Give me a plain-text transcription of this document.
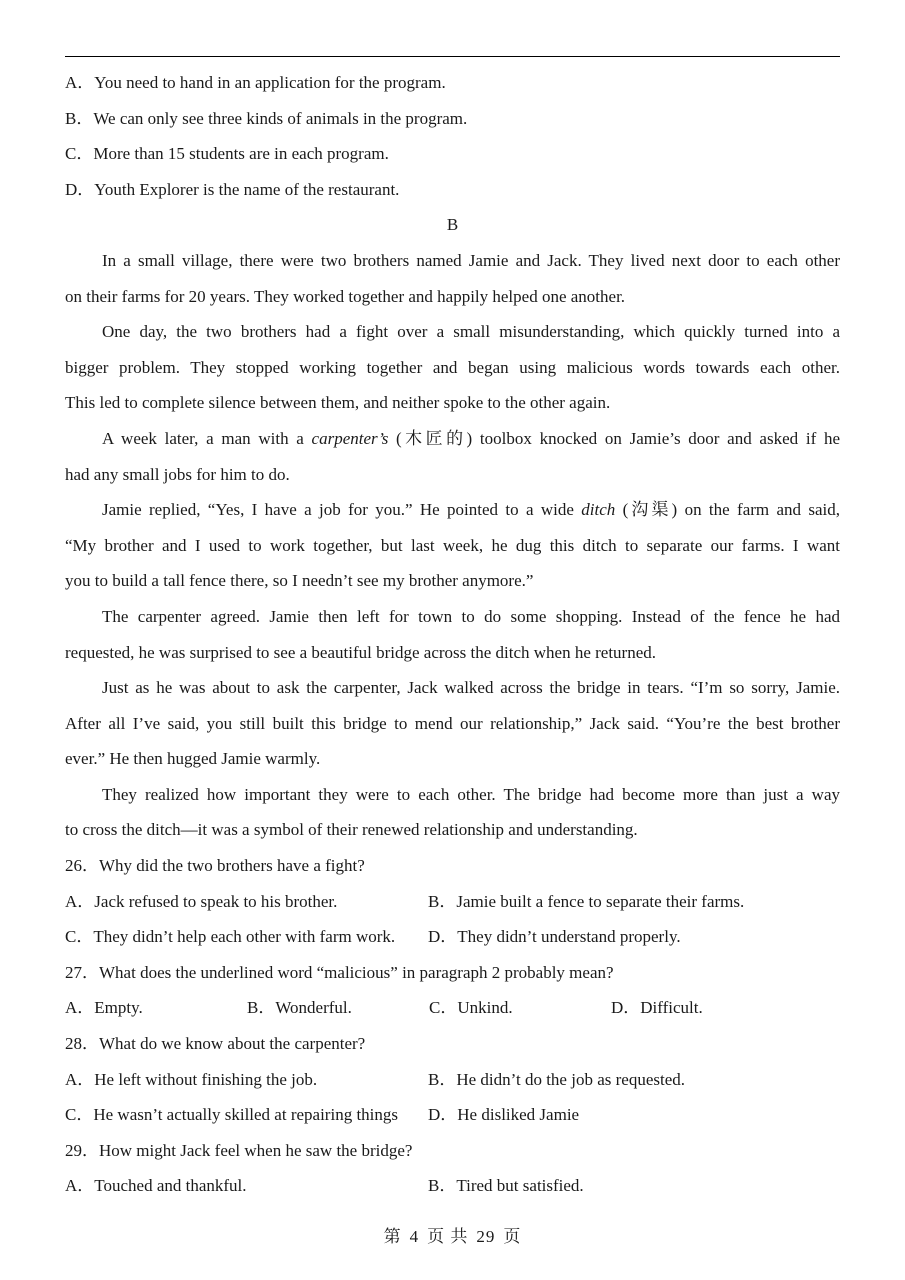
A．You need to hand in an application for the program.
B．We can only see three kinds of animals in the program.
C．More than 15 students are in each program.
D．Youth Explorer is the name of the restaurant.
B
In a small village, there were two brothers named Jamie and Jack. They lived next door to each other
on their farms for 20 years. They worked together and happily helped one another.
One day, the two brothers had a fight over a small misunderstanding, which quickly turned into a
bigger problem. They stopped working together and began using malicious words towards each other.
This led to complete silence between them, and neither spoke to the other again.
A week later, a man with a carpenter’s (木匠的) toolbox knocked on Jamie’s door and asked if he
had any small jobs for him to do.
Jamie replied, “Yes, I have a job for you.” He pointed to a wide ditch (沟渠) on the farm and said,
“My brother and I used to work together, but last week, he dug this ditch to separate our farms. I want
you to build a tall fence there, so I needn’t see my brother anymore.”
The carpenter agreed. Jamie then left for town to do some shopping. Instead of the fence he had
requested, he was surprised to see a beautiful bridge across the ditch when he returned.
Just as he was about to ask the carpenter, Jack walked across the bridge in tears. “I’m so sorry, Jamie.
After all I’ve said, you still built this bridge to mend our relationship,” Jack said. “You’re the best brother
ever.” He then hugged Jamie warmly.
They realized how important they were to each other. The bridge had become more than just a way
to cross the ditch—it was a symbol of their renewed relationship and understanding.
26．Why did the two brothers have a fight?
A．Jack refused to speak to his brother.	B．Jamie built a fence to separate their farms.
C．They didn’t help each other with farm work.	D．They didn’t understand properly.
27．What does the underlined word “malicious” in paragraph 2 probably mean?
A．Empty.	B．Wonderful.	C．Unkind.	D．Difficult.
28．What do we know about the carpenter?
A．He left without finishing the job.	B．He didn’t do the job as requested.
C．He wasn’t actually skilled at repairing things	D．He disliked Jamie
29．How might Jack feel when he saw the bridge?
A．Touched and thankful.	B．Tired but satisfied.
第 4 页 共 29 页
